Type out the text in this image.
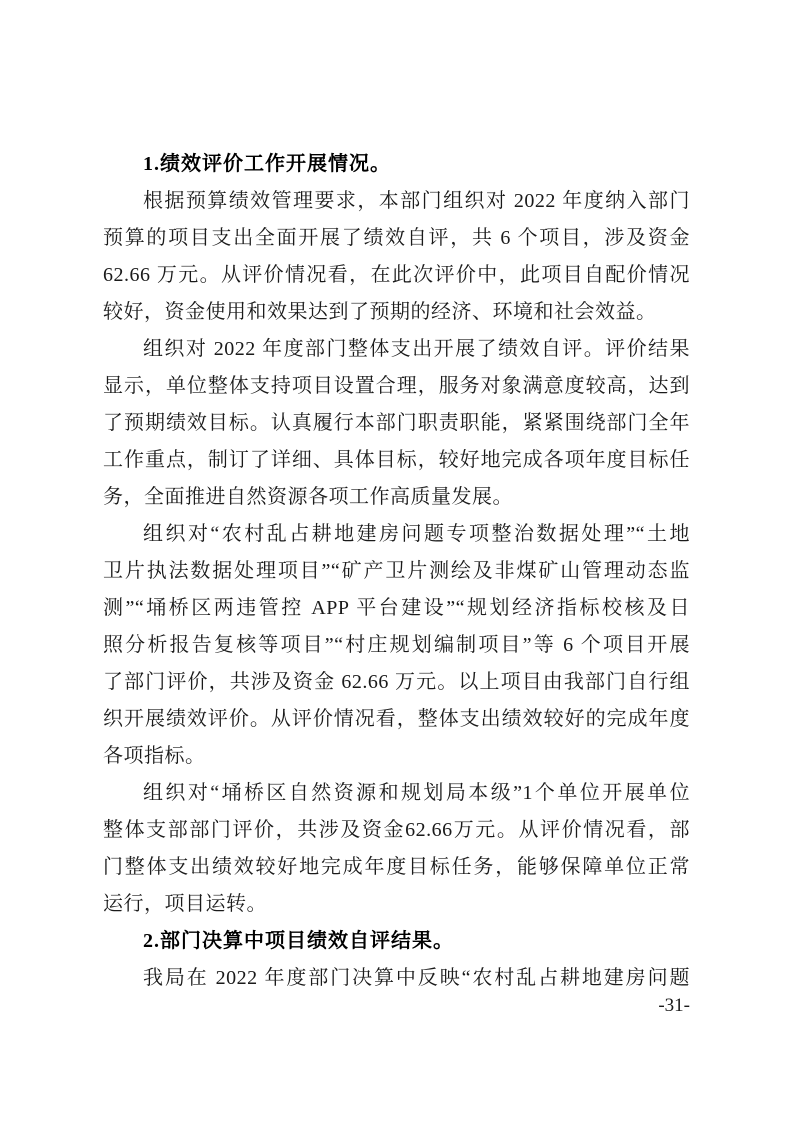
1.绩效评价工作开展情况。
根据预算绩效管理要求，本部门组织对 2022 年度纳入部门
预算的项目支出全面开展了绩效自评，共 6 个项目，涉及资金
62.66 万元。从评价情况看，在此次评价中，此项目自配价情况
较好，资金使用和效果达到了预期的经济、环境和社会效益。
组织对 2022 年度部门整体支出开展了绩效自评。评价结果
显示，单位整体支持项目设置合理，服务对象满意度较高，达到
了预期绩效目标。认真履行本部门职责职能，紧紧围绕部门全年
工作重点，制订了详细、具体目标，较好地完成各项年度目标任
务，全面推进自然资源各项工作高质量发展。
组织对“农村乱占耕地建房问题专项整治数据处理”“土地
卫片执法数据处理项目”“矿产卫片测绘及非煤矿山管理动态监
测”“埇桥区两违管控 APP 平台建设”“规划经济指标校核及日
照分析报告复核等项目”“村庄规划编制项目”等 6 个项目开展
了部门评价，共涉及资金 62.66 万元。以上项目由我部门自行组
织开展绩效评价。从评价情况看，整体支出绩效较好的完成年度
各项指标。
组织对“埇桥区自然资源和规划局本级”1个单位开展单位
整体支部部门评价，共涉及资金62.66万元。从评价情况看，部
门整体支出绩效较好地完成年度目标任务，能够保障单位正常
运行，项目运转。
2.部门决算中项目绩效自评结果。
我局在 2022 年度部门决算中反映“农村乱占耕地建房问题
-31-
